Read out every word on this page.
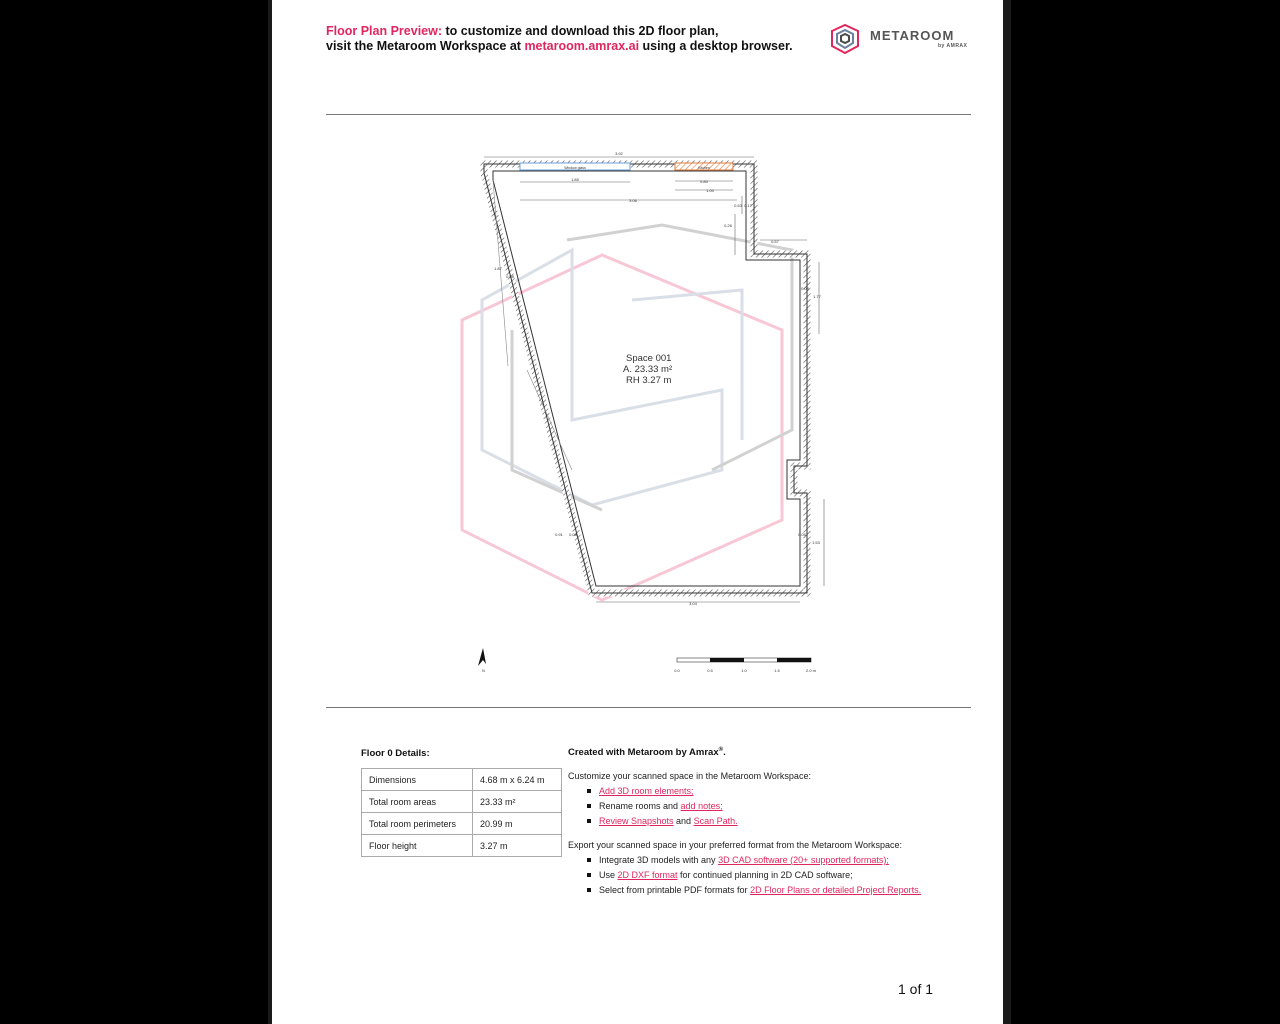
Floor Plan Preview: to customize and download this 2D floor plan,
visit the Metaroom Workspace at metaroom.amrax.ai using a desktop browser.
METAROOM
by AMRAX
Window glass	Kitchen
3.92
1.85
3.06
0.80
1.00
0.17
0.53
0.26
0.57
1.77
0.08
1.53
0.05
1.87
0.08
0.91 0.08
3.04
N	0.0	0.5	1.0	1.5	2.0 m
Space 001
A. 23.33 m²
RH 3.27 m
Floor 0 Details:
Dimensions	4.68 m x 6.24 m
Total room areas	23.33 m²
Total room perimeters	20.99 m
Floor height	3.27 m
Created with Metaroom by Amrax®.

Customize your scanned space in the Metaroom Workspace:

Add 3D room elements;
Rename rooms and add notes;
Review Snapshots and Scan Path.

Export your scanned space in your preferred format from the Metaroom Workspace:

Integrate 3D models with any 3D CAD software (20+ supported formats);
Use 2D DXF format for continued planning in 2D CAD software;
Select from printable PDF formats for 2D Floor Plans or detailed Project Reports.
1 of 1
